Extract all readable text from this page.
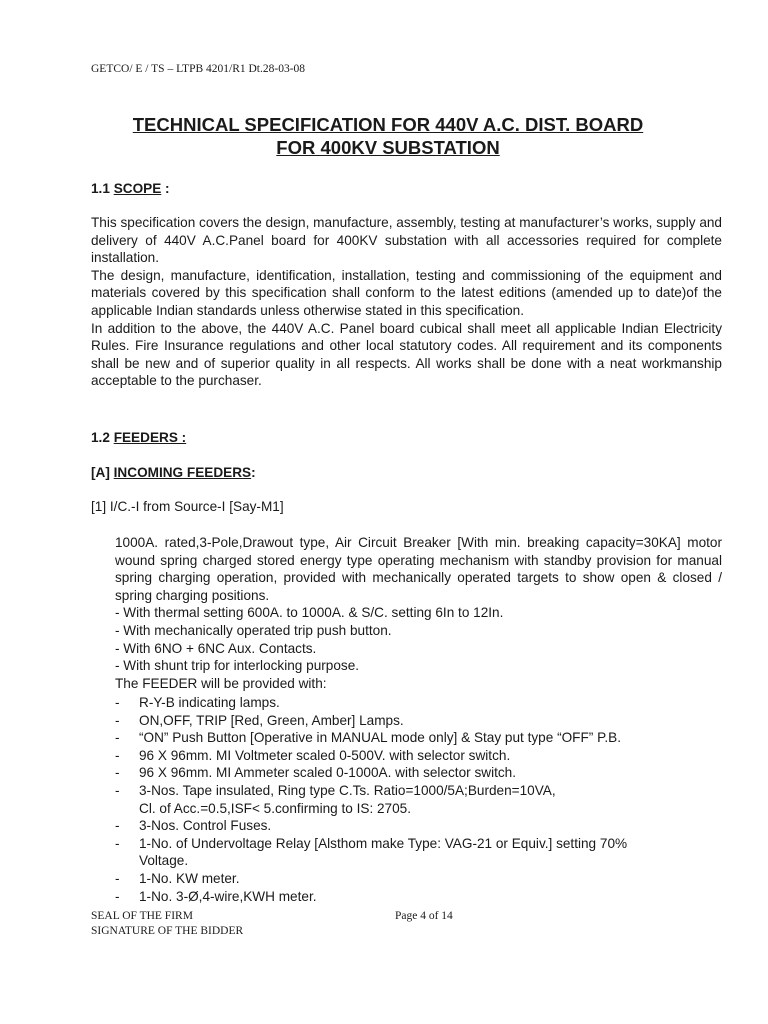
GETCO/ E / TS – LTPB 4201/R1 Dt.28-03-08
TECHNICAL SPECIFICATION FOR 440V A.C. DIST. BOARD
FOR 400KV SUBSTATION
1.1 SCOPE :

This specification covers the design, manufacture, assembly, testing at manufacturer’s works, supply and delivery of 440V A.C.Panel board for 400KV substation with all accessories required for complete installation.

The design, manufacture, identification, installation, testing and commissioning of the equipment and materials covered by this specification shall conform to the latest editions (amended up to date)of the applicable Indian standards unless otherwise stated in this specification.

In addition to the above, the 440V A.C. Panel board cubical shall meet all applicable Indian Electricity Rules. Fire Insurance regulations and other local statutory codes. All requirement and its components shall be new and of superior quality in all respects. All works shall be done with a neat workmanship acceptable to the purchaser.

1.2 FEEDERS :
[A] INCOMING FEEDERS:
[1] I/C.-I from Source-I [Say-M1]

1000A. rated,3-Pole,Drawout type, Air Circuit Breaker [With min. breaking capacity=30KA] motor wound spring charged stored energy type operating mechanism with standby provision for manual spring charging operation, provided with mechanically operated targets to show open & closed / spring charging positions.

- With thermal setting 600A. to 1000A. & S/C. setting 6In to 12In.
- With mechanically operated trip push button.
- With 6NO + 6NC Aux. Contacts.
- With shunt trip for interlocking purpose.

The FEEDER will be provided with:

-	R-Y-B indicating lamps.
-	ON,OFF, TRIP [Red, Green, Amber] Lamps.
-	“ON” Push Button [Operative in MANUAL mode only] & Stay put type “OFF” P.B.
-	96 X 96mm. MI Voltmeter scaled 0-500V. with selector switch.
-	96 X 96mm. MI Ammeter scaled 0-1000A. with selector switch.
-	3-Nos. Tape insulated, Ring type C.Ts. Ratio=1000/5A;Burden=10VA,
Cl. of Acc.=0.5,ISF< 5.confirming to IS: 2705.
-	3-Nos. Control Fuses.
-	1-No. of Undervoltage Relay [Alsthom make Type: VAG-21 or Equiv.] setting 70%
Voltage.
-	1-No. KW meter.
-	1-No. 3-Ø,4-wire,KWH meter.
SEAL OF THE FIRM
SIGNATURE OF THE BIDDER
Page 4 of 14
